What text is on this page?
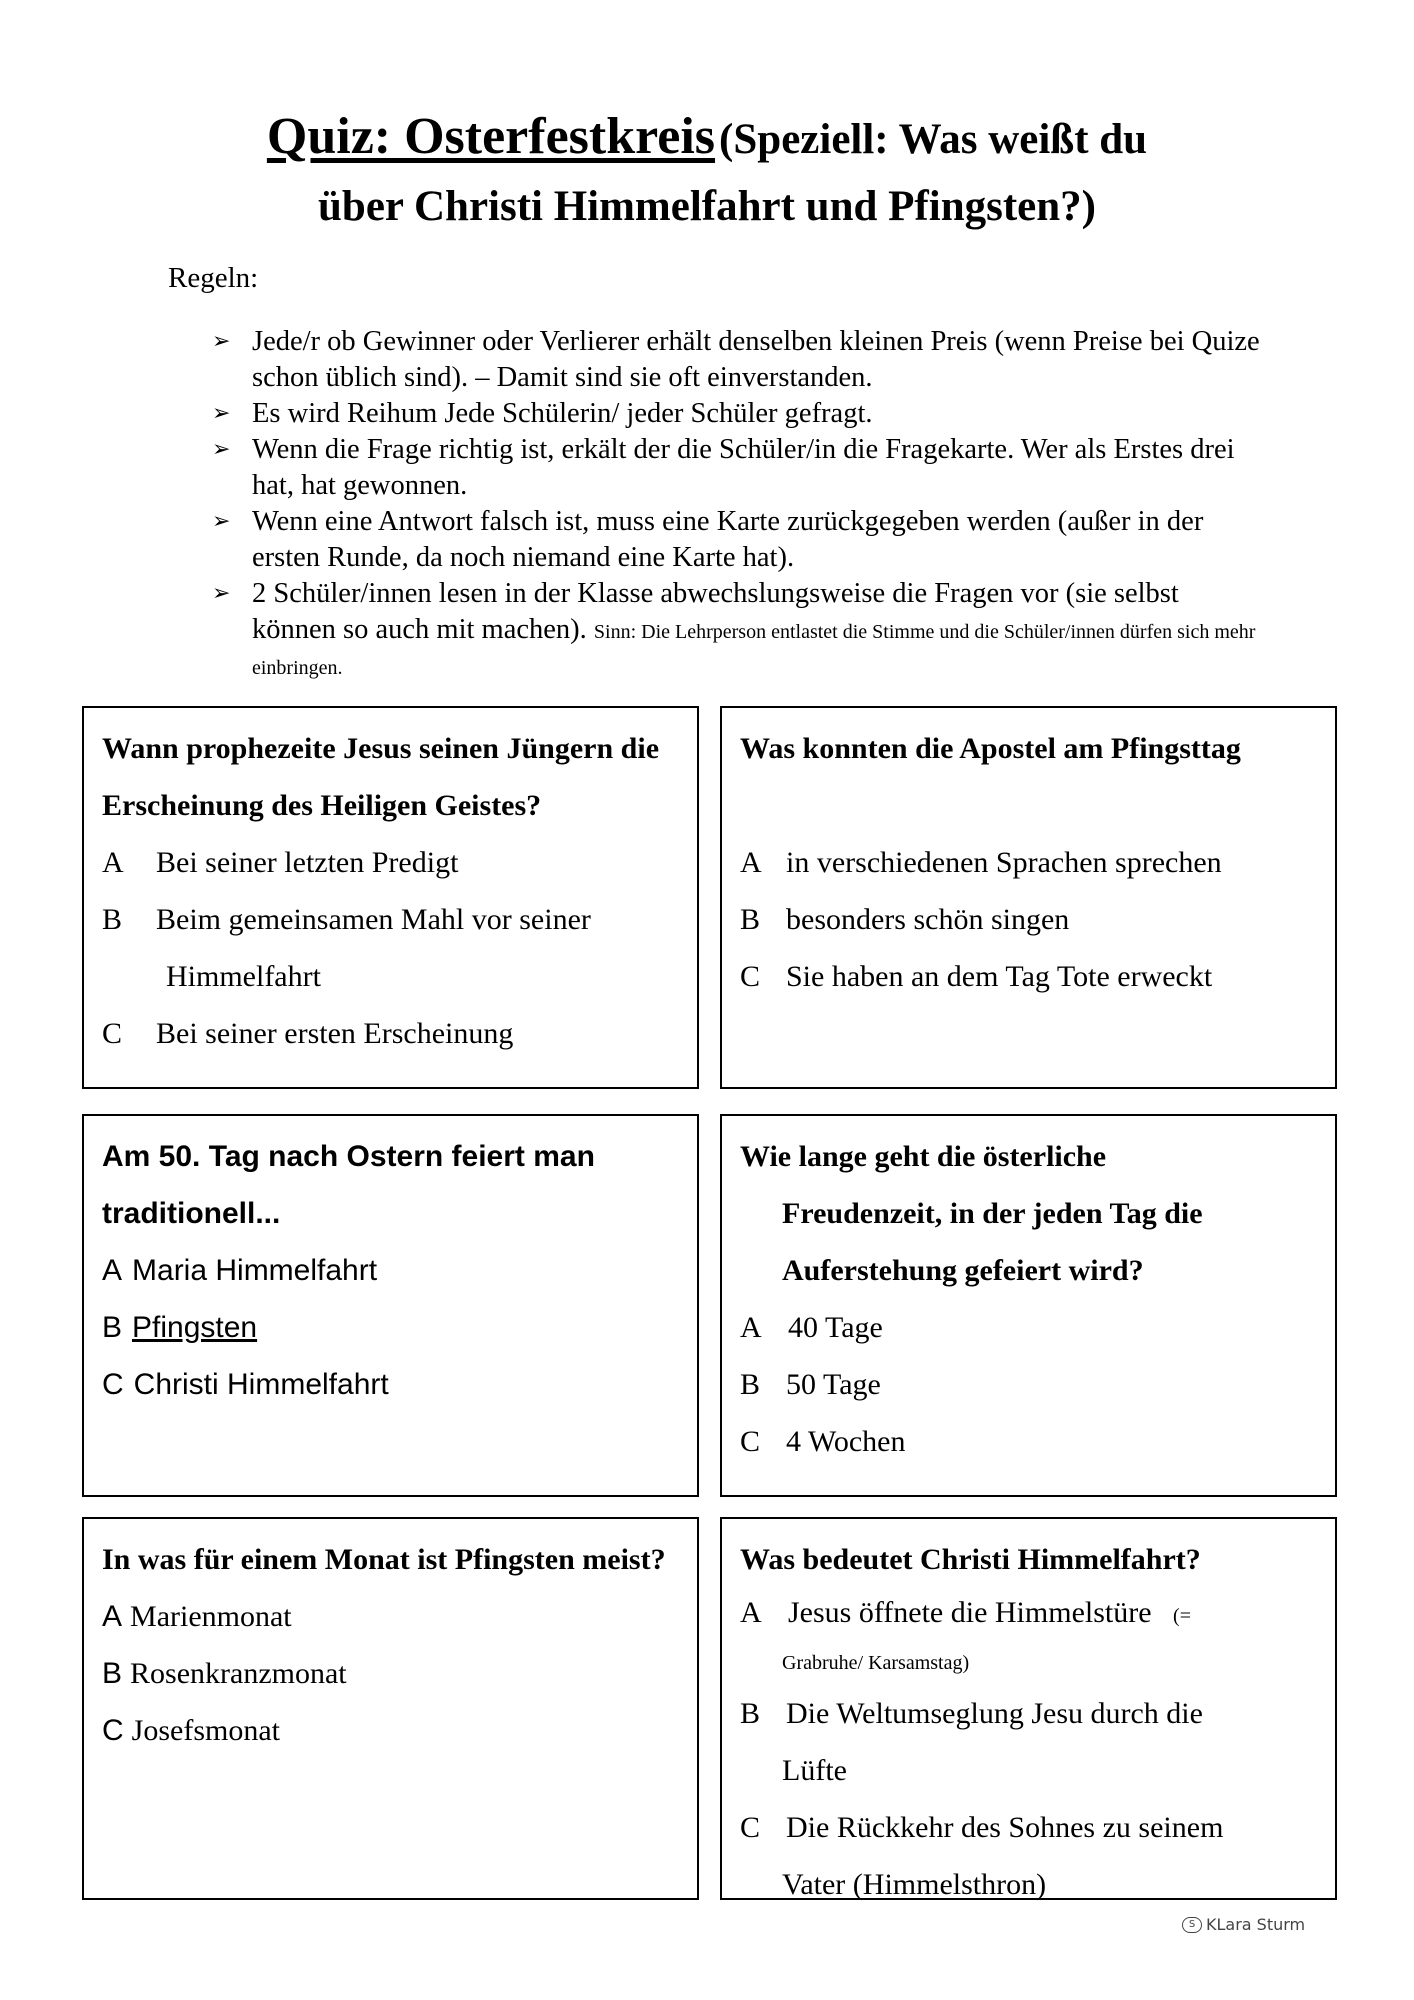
Quiz: Osterfestkreis (Speziell: Was weißt du
über Christi Himmelfahrt und Pfingsten?)
Regeln:
➢ Jede/r ob Gewinner oder Verlierer erhält denselben kleinen Preis (wenn Preise bei Quize schon üblich sind). – Damit sind sie oft einverstanden.
➢ Es wird Reihum Jede Schülerin/ jeder Schüler gefragt.
➢ Wenn die Frage richtig ist, erkält der die Schüler/in die Fragekarte. Wer als Erstes drei hat, hat gewonnen.
➢ Wenn eine Antwort falsch ist, muss eine Karte zurückgegeben werden (außer in der ersten Runde, da noch niemand eine Karte hat).
➢ 2 Schüler/innen lesen in der Klasse abwechslungsweise die Fragen vor (sie selbst können so auch mit machen). Sinn: Die Lehrperson entlastet die Stimme und die Schüler/innen dürfen sich mehr einbringen.
Wann prophezeite Jesus seinen Jüngern die Erscheinung des Heiligen Geistes?
A Bei seiner letzten Predigt
B Beim gemeinsamen Mahl vor seiner
Himmelfahrt
C Bei seiner ersten Erscheinung
Was konnten die Apostel am Pfingsttag
A in verschiedenen Sprachen sprechen
B besonders schön singen
C Sie haben an dem Tag Tote erweckt
Am 50. Tag nach Ostern feiert man traditionell...
A Maria Himmelfahrt
B Pfingsten
C Christi Himmelfahrt
Wie lange geht die österliche
Freudenzeit, in der jeden Tag die
Auferstehung gefeiert wird?
A 40 Tage
B 50 Tage
C 4 Wochen
In was für einem Monat ist Pfingsten meist?
A Marienmonat
B Rosenkranzmonat
C Josefsmonat
Was bedeutet Christi Himmelfahrt?
A Jesus öffnete die Himmelstüre (=
Grabruhe/ Karsamstag)
B Die Weltumseglung Jesu durch die
Lüfte
C Die Rückkehr des Sohnes zu seinem
Vater (Himmelsthron)
S KLara Sturm
